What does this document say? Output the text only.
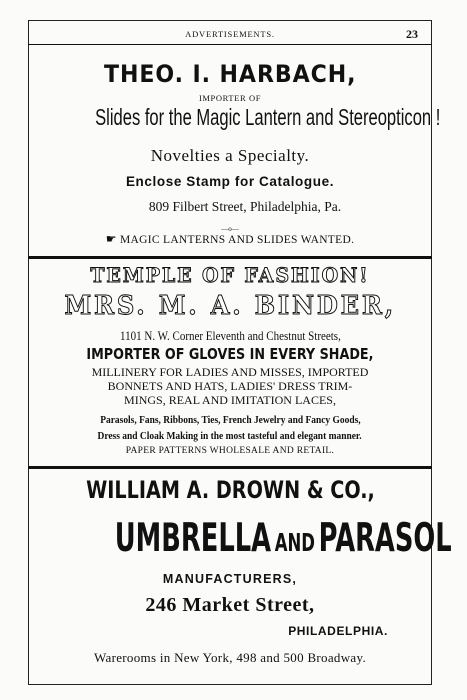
ADVERTISEMENTS.	23
THEO. I. HARBACH,
IMPORTER OF
Slides for the Magic Lantern and Stereopticon !
Novelties a Specialty.
Enclose Stamp for Catalogue.
809 Filbert Street, Philadelphia, Pa.
—o—
☛ MAGIC LANTERNS AND SLIDES WANTED.
TEMPLE OF FASHION!
MRS. M. A. BINDER,
1101 N. W. Corner Eleventh and Chestnut Streets,
IMPORTER OF GLOVES IN EVERY SHADE,
MILLINERY FOR LADIES AND MISSES, IMPORTED
BONNETS AND HATS, LADIES' DRESS TRIM-
MINGS, REAL AND IMITATION LACES,
Parasols, Fans, Ribbons, Ties, French Jewelry and Fancy Goods,
Dress and Cloak Making in the most tasteful and elegant manner.
PAPER PATTERNS WHOLESALE AND RETAIL.
WILLIAM A. DROWN & CO.,
UMBRELLA AND PARASOL
MANUFACTURERS,
246 Market Street,
PHILADELPHIA.
Warerooms in New York, 498 and 500 Broadway.
